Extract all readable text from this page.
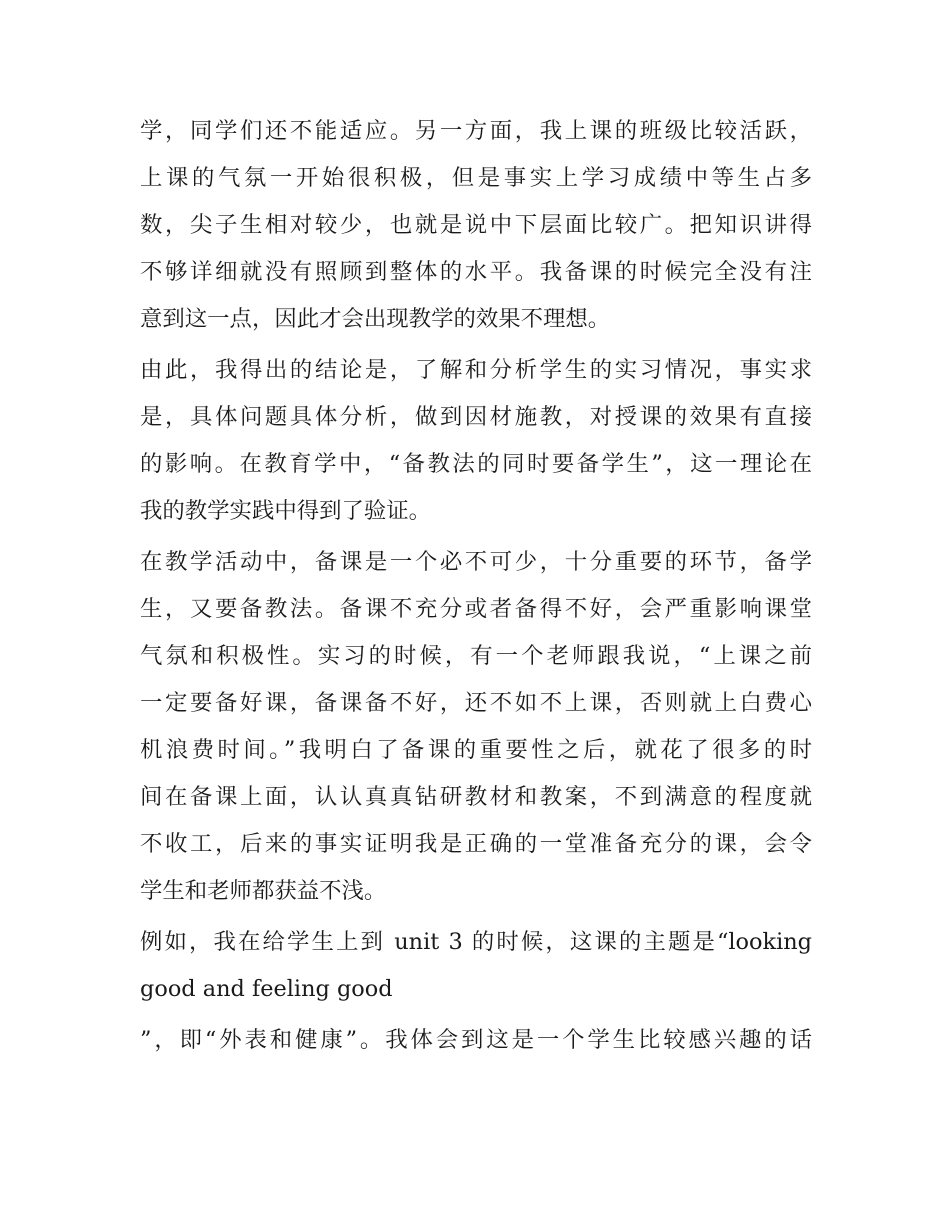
学，同学们还不能适应。另一方面，我上课的班级比较活跃，
上课的气氛一开始很积极，但是事实上学习成绩中等生占多
数，尖子生相对较少，也就是说中下层面比较广。把知识讲得
不够详细就没有照顾到整体的水平。我备课的时候完全没有注
意到这一点，因此才会出现教学的效果不理想。
由此，我得出的结论是，了解和分析学生的实习情况，事实求
是，具体问题具体分析，做到因材施教，对授课的效果有直接
的影响。在教育学中，“备教法的同时要备学生”，这一理论在
我的教学实践中得到了验证。
在教学活动中，备课是一个必不可少，十分重要的环节，备学
生，又要备教法。备课不充分或者备得不好，会严重影响课堂
气氛和积极性。实习的时候，有一个老师跟我说，“上课之前
一定要备好课，备课备不好，还不如不上课，否则就上白费心
机浪费时间。”我明白了备课的重要性之后，就花了很多的时
间在备课上面，认认真真钻研教材和教案，不到满意的程度就
不收工，后来的事实证明我是正确的一堂准备充分的课，会令
学生和老师都获益不浅。
例如，我在给学生上到 unit 3 的时候，这课的主题是“looking
good and feeling good
”，即“外表和健康”。我体会到这是一个学生比较感兴趣的话
